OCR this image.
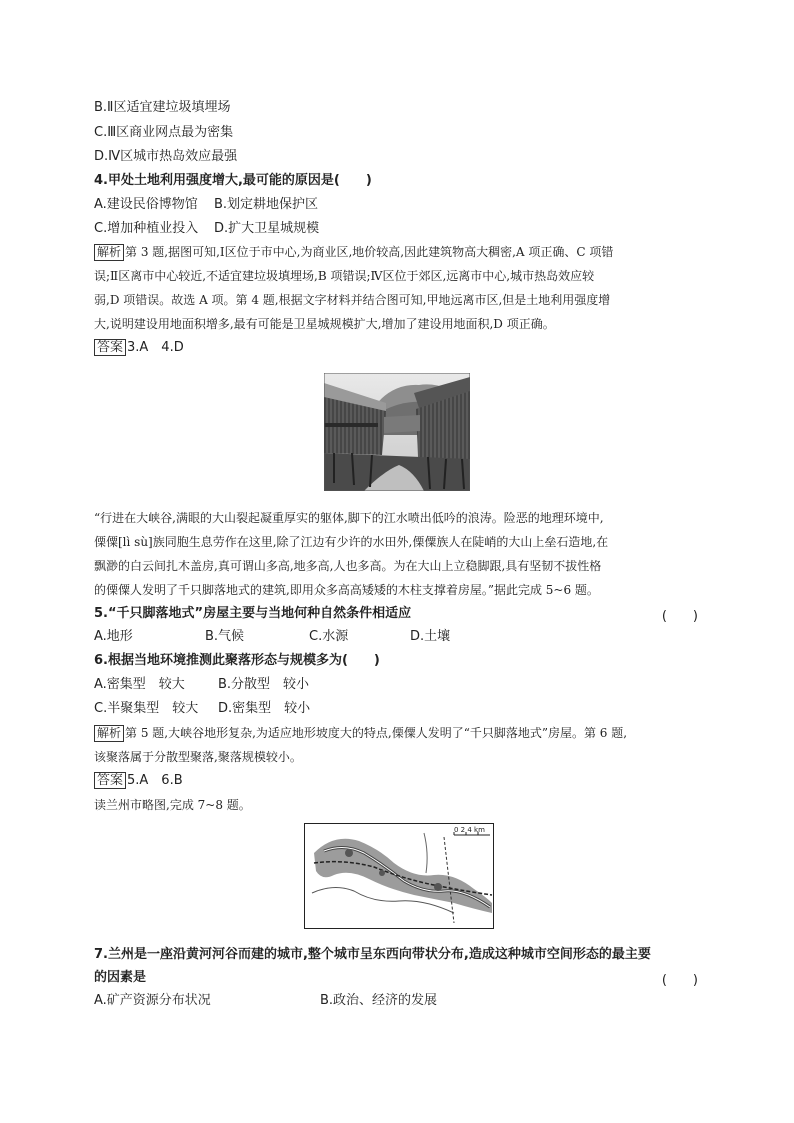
B.Ⅱ区适宜建垃圾填埋场
C.Ⅲ区商业网点最为密集
D.Ⅳ区城市热岛效应最强
4.甲处土地利用强度增大,最可能的原因是(　　)
A.建设民俗博物馆 B.划定耕地保护区
C.增加种植业投入 D.扩大卫星城规模
解析 第 3 题,据图可知,Ⅰ区位于市中心,为商业区,地价较高,因此建筑物高大稠密,A 项正确、C 项错
误;Ⅱ区离市中心较近,不适宜建垃圾填埋场,B 项错误;Ⅳ区位于郊区,远离市中心,城市热岛效应较
弱,D 项错误。故选 A 项。第 4 题,根据文字材料并结合图可知,甲地远离市区,但是土地利用强度增
大,说明建设用地面积增多,最有可能是卫星城规模扩大,增加了建设用地面积,D 项正确。
答案 3.A　4.D
“行进在大峡谷,满眼的大山裂起凝重厚实的躯体,脚下的江水喷出低吟的浪涛。险恶的地理环境中,
傈僳[lì sù]族同胞生息劳作在这里,除了江边有少许的水田外,傈僳族人在陡峭的大山上垒石造地,在
飘渺的白云间扎木盖房,真可谓山多高,地多高,人也多高。为在大山上立稳脚跟,具有坚韧不拔性格
的傈僳人发明了千只脚落地式的建筑,即用众多高高矮矮的木柱支撑着房屋。”据此完成 5~6 题。
5.“千只脚落地式”房屋主要与当地何种自然条件相适应	(　　)
A.地形	B.气候	C.水源	D.土壤
6.根据当地环境推测此聚落形态与规模多为(　　)
A.密集型　较大	B.分散型　较小
C.半聚集型　较大 D.密集型　较小
解析 第 5 题,大峡谷地形复杂,为适应地形坡度大的特点,傈僳人发明了“千只脚落地式”房屋。第 6 题,
该聚落属于分散型聚落,聚落规模较小。
答案 5.A　6.B
读兰州市略图,完成 7~8 题。
0 2 4 km
7.兰州是一座沿黄河河谷而建的城市,整个城市呈东西向带状分布,造成这种城市空间形态的最主要
的因素是	(　　)
A.矿产资源分布状况	B.政治、经济的发展
